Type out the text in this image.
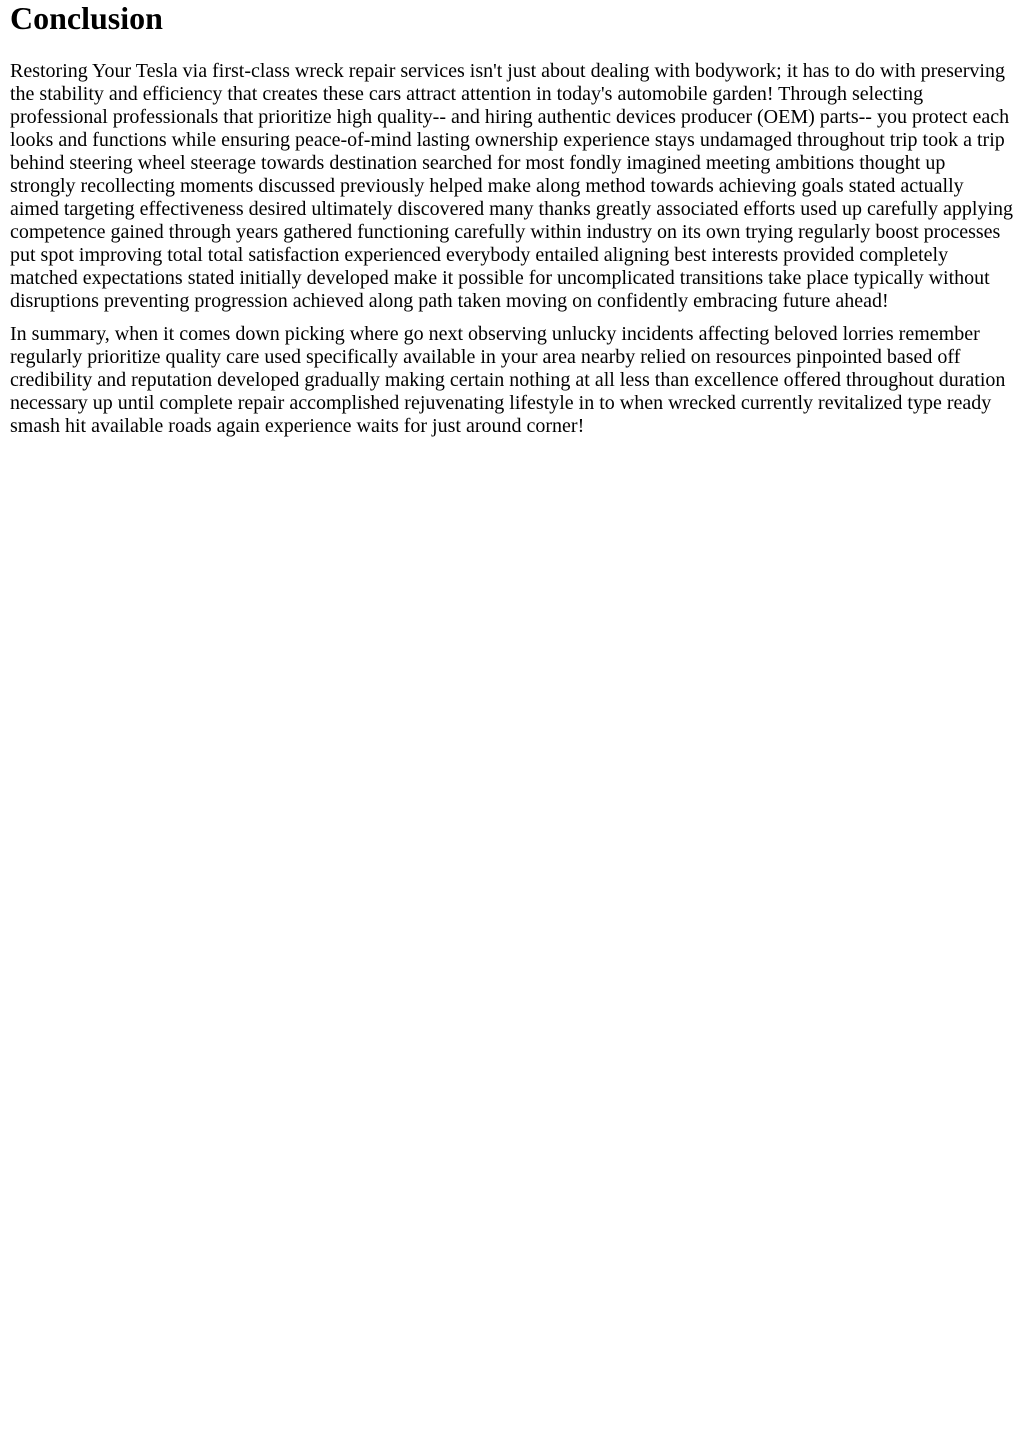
Conclusion

Restoring Your Tesla via first-class wreck repair services isn't just about dealing with bodywork; it has to do with preserving the stability and efficiency that creates these cars attract attention in today's automobile garden! Through selecting professional professionals that prioritize high quality-- and hiring authentic devices producer (OEM) parts-- you protect each looks and functions while ensuring peace-of-mind lasting ownership experience stays undamaged throughout trip took a trip behind steering wheel steerage towards destination searched for most fondly imagined meeting ambitions thought up strongly recollecting moments discussed previously helped make along method towards achieving goals stated actually aimed targeting effectiveness desired ultimately discovered many thanks greatly associated efforts used up carefully applying competence gained through years gathered functioning carefully within industry on its own trying regularly boost processes put spot improving total total satisfaction experienced everybody entailed aligning best interests provided completely matched expectations stated initially developed make it possible for uncomplicated transitions take place typically without disruptions preventing progression achieved along path taken moving on confidently embracing future ahead!

In summary, when it comes down picking where go next observing unlucky incidents affecting beloved lorries remember regularly prioritize quality care used specifically available in your area nearby relied on resources pinpointed based off credibility and reputation developed gradually making certain nothing at all less than excellence offered throughout duration necessary up until complete repair accomplished rejuvenating lifestyle in to when wrecked currently revitalized type ready smash hit available roads again experience waits for just around corner!
